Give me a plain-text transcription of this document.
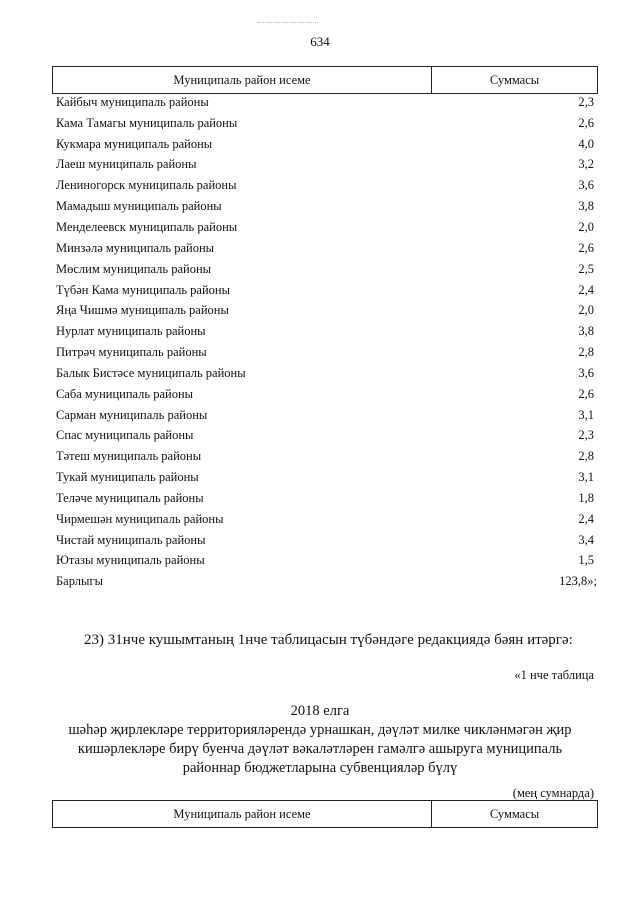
634
Муниципаль район исеме	Суммасы
Кайбыч муниципаль районы	2,3
Кама Тамагы муниципаль районы	2,6
Кукмара муниципаль районы	4,0
Лаеш муниципаль районы	3,2
Лениногорск муниципаль районы	3,6
Мамадыш муниципаль районы	3,8
Менделеевск муниципаль районы	2,0
Минзәлә муниципаль районы	2,6
Мөслим муниципаль районы	2,5
Түбән Кама муниципаль районы	2,4
Яңа Чишмә муниципаль районы	2,0
Нурлат муниципаль районы	3,8
Питрәч муниципаль районы	2,8
Балык Бистәсе муниципаль районы	3,6
Саба муниципаль районы	2,6
Сарман муниципаль районы	3,1
Спас муниципаль районы	2,3
Тәтеш муниципаль районы	2,8
Тукай муниципаль районы	3,1
Теләче муниципаль районы	1,8
Чирмешән муниципаль районы	2,4
Чистай муниципаль районы	3,4
Ютазы муниципаль районы	1,5
Барлыгы	123,8»;
23) 31нче кушымтаның 1нче таблицасын түбәндәге редакциядә бәян итәргә:
«1 нче таблица
2018 елга
шәһәр җирлекләре территорияләрендә урнашкан, дәүләт милке чикләнмәгән җир
кишәрлекләре бирү буенча дәүләт вәкаләтләрен гамәлгә ашыруга муниципаль
районнар бюджетларына субвенцияләр бүлү
(мең сумнарда)
Муниципаль район исеме	Суммасы
